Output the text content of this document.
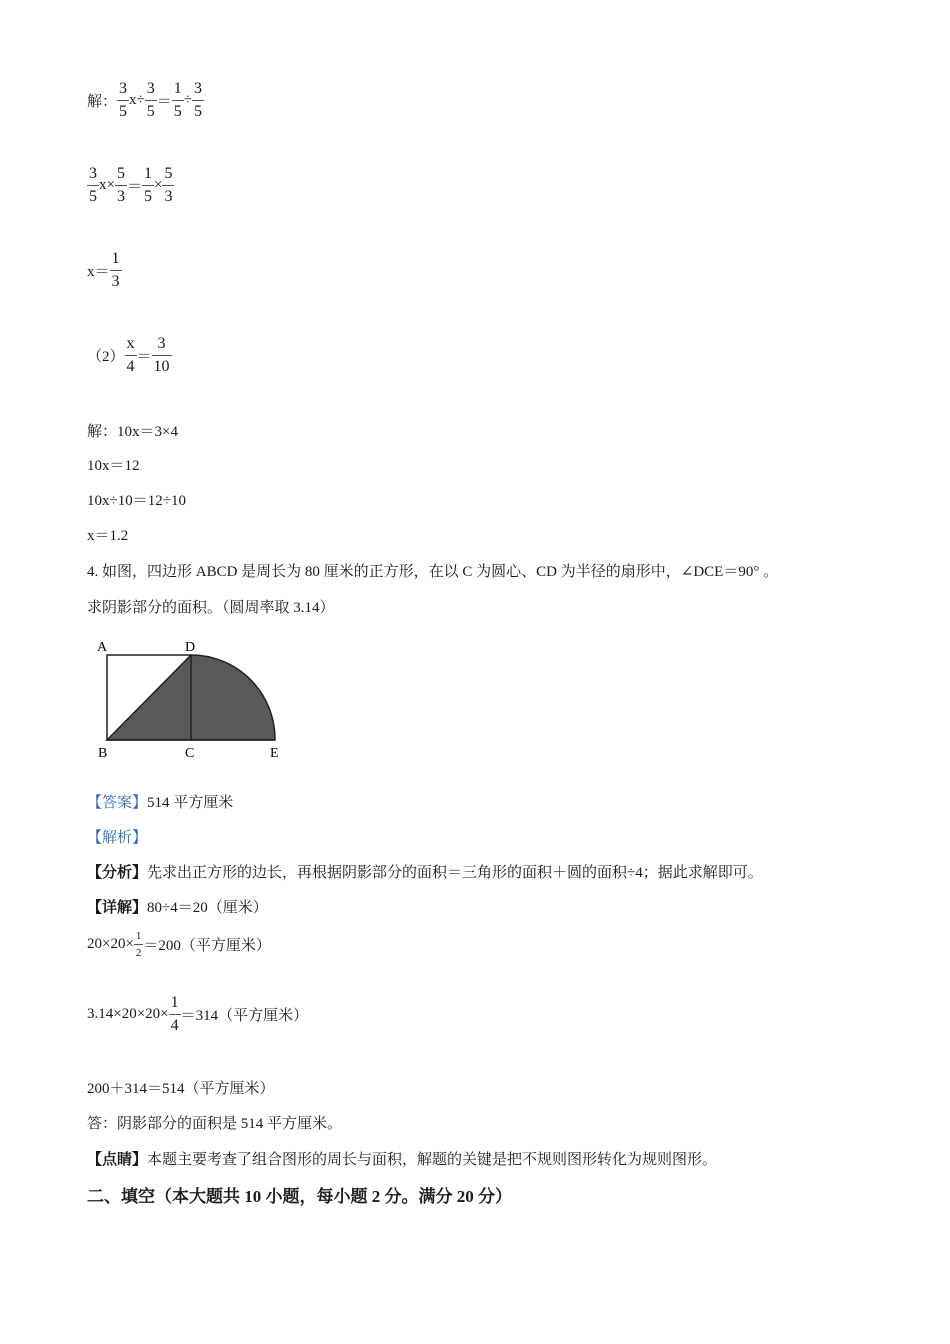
解： $\frac{3}{5} x\div \frac{3}{5} = \frac{1}{5} \div \frac{3}{5}$
$\frac{3}{5} x\times \frac{5}{3} = \frac{1}{5} \times \frac{5}{3}$
$x= \frac{1}{3}$
$(2) \frac{x}{4} = \frac{3}{10}$
解：10x＝3×4
10x＝12
10x÷10＝12÷10
x＝1.2
4. 如图，四边形 ABCD 是周长为 80 厘米的正方形，在以 C 为圆心、CD 为半径的扇形中，∠DCE＝90° 。
求阴影部分的面积。（圆周率取 3.14）
A	D
B	C	E
【答案】514 平方厘米
【解析】
【分析】先求出正方形的边长，再根据阴影部分的面积＝三角形的面积＋圆的面积÷4；据此求解即可。
【详解】80÷4＝20（厘米）
$20\times 20\times \frac{1}{2} =200$（平方厘米）
$3.14\times 20\times 20\times \frac{1}{4} =314$（平方厘米）
200＋314＝514（平方厘米）
答：阴影部分的面积是 514 平方厘米。
【点睛】本题主要考查了组合图形的周长与面积，解题的关键是把不规则图形转化为规则图形。
二、填空（本大题共 10 小题，每小题 2 分。满分 20 分）
